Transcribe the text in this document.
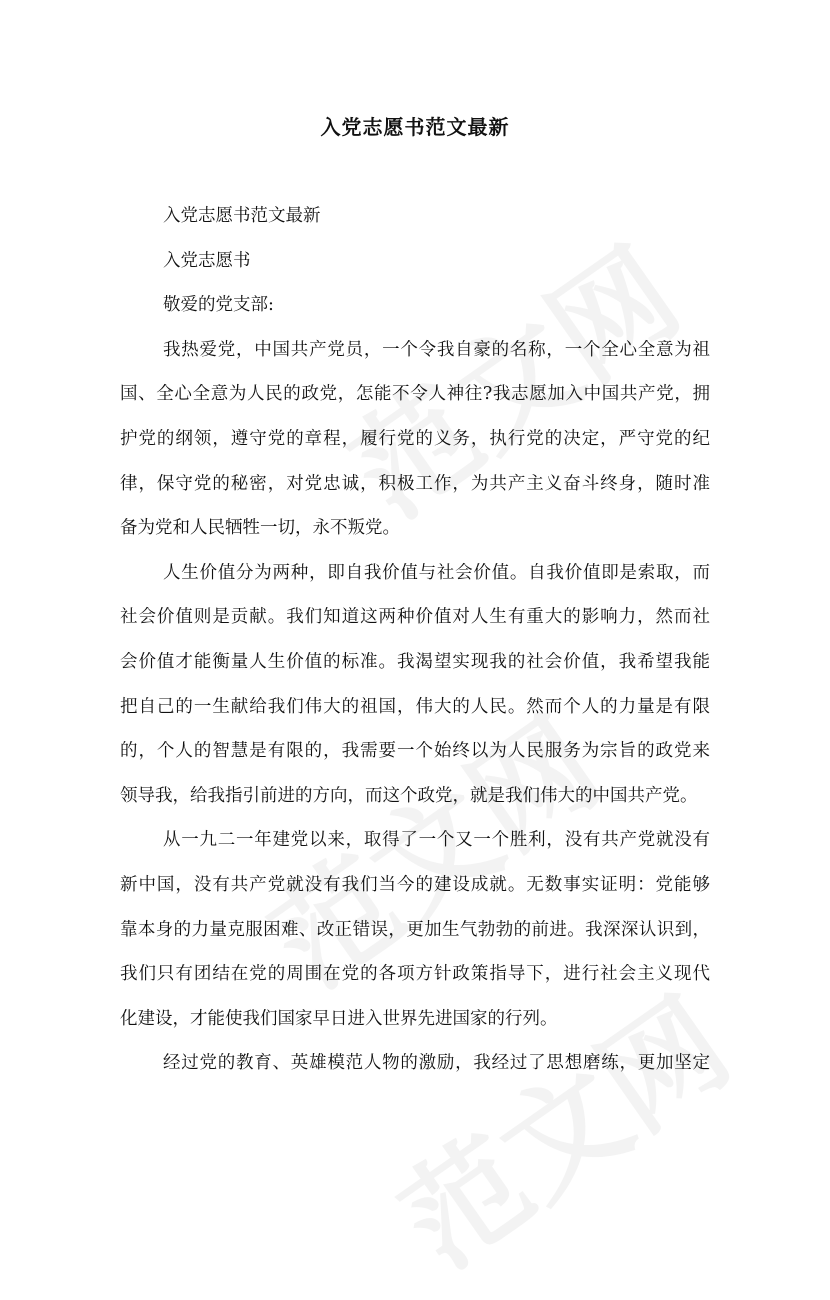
入党志愿书范文最新
入党志愿书范文最新
入党志愿书
敬爱的党支部:
我热爱党，中国共产党员，一个令我自豪的名称，一个全心全意为祖
国、全心全意为人民的政党，怎能不令人神往?我志愿加入中国共产党，拥
护党的纲领，遵守党的章程，履行党的义务，执行党的决定，严守党的纪
律，保守党的秘密，对党忠诚，积极工作，为共产主义奋斗终身，随时准
备为党和人民牺牲一切，永不叛党。
人生价值分为两种，即自我价值与社会价值。自我价值即是索取，而
社会价值则是贡献。我们知道这两种价值对人生有重大的影响力，然而社
会价值才能衡量人生价值的标准。我渴望实现我的社会价值，我希望我能
把自己的一生献给我们伟大的祖国，伟大的人民。然而个人的力量是有限
的，个人的智慧是有限的，我需要一个始终以为人民服务为宗旨的政党来
领导我，给我指引前进的方向，而这个政党，就是我们伟大的中国共产党。
从一九二一年建党以来，取得了一个又一个胜利，没有共产党就没有
新中国，没有共产党就没有我们当今的建设成就。无数事实证明：党能够
靠本身的力量克服困难、改正错误，更加生气勃勃的前进。我深深认识到，
我们只有团结在党的周围在党的各项方针政策指导下，进行社会主义现代
化建设，才能使我们国家早日进入世界先进国家的行列。
经过党的教育、英雄模范人物的激励，我经过了思想磨练，更加坚定
